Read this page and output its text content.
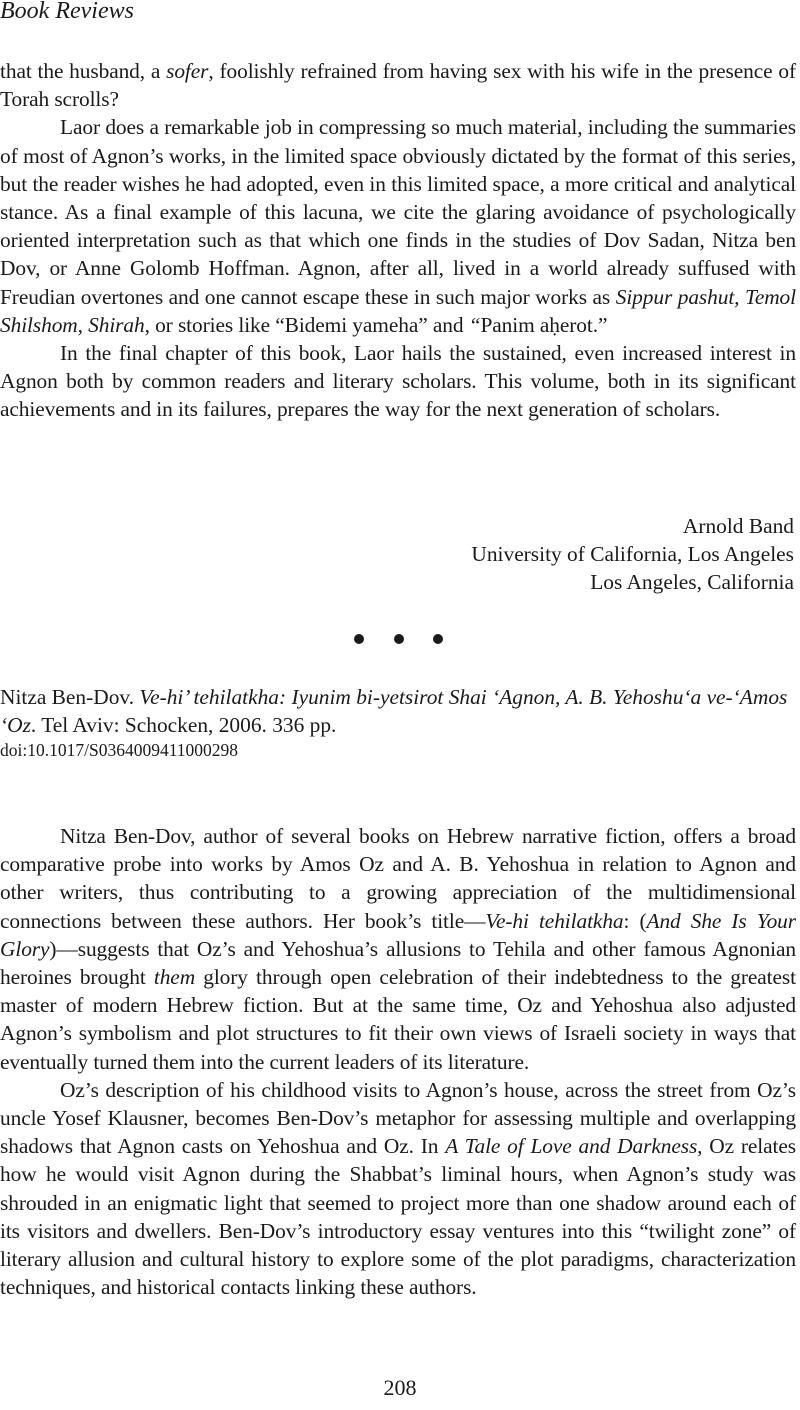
Book Reviews

that the husband, a sofer, foolishly refrained from having sex with his wife in the presence of Torah scrolls?

Laor does a remarkable job in compressing so much material, including the summaries of most of Agnon’s works, in the limited space obviously dictated by the format of this series, but the reader wishes he had adopted, even in this limited space, a more critical and analytical stance. As a final example of this lacuna, we cite the glaring avoidance of psychologically oriented interpretation such as that which one finds in the studies of Dov Sadan, Nitza ben Dov, or Anne Golomb Hoffman. Agnon, after all, lived in a world already suffused with Freudian overtones and one cannot escape these in such major works as Sippur pashut, Temol Shilshom, Shirah, or stories like “Bidemi yameha” and “Panim aḥerot.”

In the final chapter of this book, Laor hails the sustained, even increased interest in Agnon both by common readers and literary scholars. This volume, both in its significant achievements and in its failures, prepares the way for the next generation of scholars.

Arnold Band
University of California, Los Angeles
Los Angeles, California
Nitza Ben-Dov. Ve-hi’ tehilatkha: Iyunim bi-yetsirot Shai ‘Agnon, A. B. Yehoshu‘a ve-‘Amos ‘Oz. Tel Aviv: Schocken, 2006. 336 pp.
doi:10.1017/S0364009411000298

Nitza Ben-Dov, author of several books on Hebrew narrative fiction, offers a broad comparative probe into works by Amos Oz and A. B. Yehoshua in relation to Agnon and other writers, thus contributing to a growing appreciation of the multidimensional connections between these authors. Her book’s title—Ve-hi tehilatkha: (And She Is Your Glory)—suggests that Oz’s and Yehoshua’s allusions to Tehila and other famous Agnonian heroines brought them glory through open celebration of their indebtedness to the greatest master of modern Hebrew fiction. But at the same time, Oz and Yehoshua also adjusted Agnon’s symbolism and plot structures to fit their own views of Israeli society in ways that eventually turned them into the current leaders of its literature.

Oz’s description of his childhood visits to Agnon’s house, across the street from Oz’s uncle Yosef Klausner, becomes Ben-Dov’s metaphor for assessing multiple and overlapping shadows that Agnon casts on Yehoshua and Oz. In A Tale of Love and Darkness, Oz relates how he would visit Agnon during the Shabbat’s liminal hours, when Agnon’s study was shrouded in an enigmatic light that seemed to project more than one shadow around each of its visitors and dwellers. Ben-Dov’s introductory essay ventures into this “twilight zone” of literary allusion and cultural history to explore some of the plot paradigms, characterization techniques, and historical contacts linking these authors.

208
